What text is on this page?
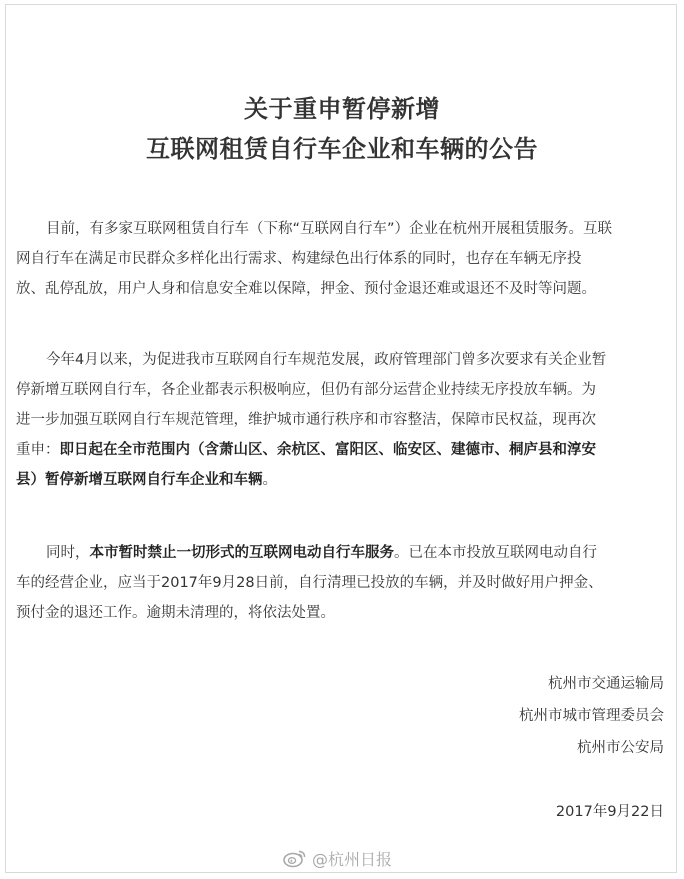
关于重申暂停新增
互联网租赁自行车企业和车辆的公告
目前，有多家互联网租赁自行车（下称“互联网自行车”）企业在杭州开展租赁服务。互联
网自行车在满足市民群众多样化出行需求、构建绿色出行体系的同时，也存在车辆无序投
放、乱停乱放，用户人身和信息安全难以保障，押金、预付金退还难或退还不及时等问题。
今年4月以来，为促进我市互联网自行车规范发展，政府管理部门曾多次要求有关企业暂
停新增互联网自行车，各企业都表示积极响应，但仍有部分运营企业持续无序投放车辆。为
进一步加强互联网自行车规范管理，维护城市通行秩序和市容整洁，保障市民权益，现再次
重申：即日起在全市范围内（含萧山区、余杭区、富阳区、临安区、建德市、桐庐县和淳安
县）暂停新增互联网自行车企业和车辆。
同时，本市暂时禁止一切形式的互联网电动自行车服务。已在本市投放互联网电动自行
车的经营企业，应当于2017年9月28日前，自行清理已投放的车辆，并及时做好用户押金、
预付金的退还工作。逾期未清理的，将依法处置。
杭州市交通运输局
杭州市城市管理委员会
杭州市公安局
2017年9月22日
@杭州日报
